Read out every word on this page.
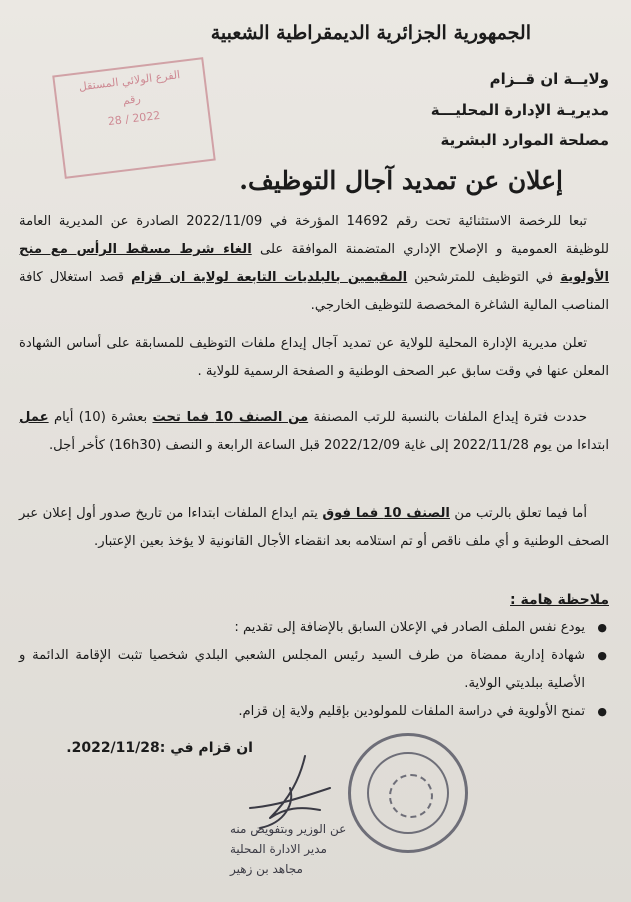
الجمهورية الجزائرية الديمقراطية الشعبية
ولايــة ان قــزام
مديريـة الإدارة المحليـــة
مصلحة الموارد البشرية
الفرع الولائي المستقل
رقم
2022 / 28
إعلان عن تمديد آجال التوظيف.

تبعا للرخصة الاستثنائية تحت رقم 14692 المؤرخة في 2022/11/09 الصادرة عن المديرية العامة للوظيفة العمومية و الإصلاح الإداري المتضمنة الموافقة على الغاء شرط مسقط الرأس مع منح الأولوية في التوظيف للمترشحين المقيمين بالبلديات التابعة لولاية ان قزام قصد استغلال كافة المناصب المالية الشاغرة المخصصة للتوظيف الخارجي.

تعلن مديرية الإدارة المحلية للولاية عن تمديد آجال إيداع ملفات التوظيف للمسابقة على أساس الشهادة المعلن عنها في وقت سابق عبر الصحف الوطنية و الصفحة الرسمية للولاية .

حددت فترة إيداع الملفات بالنسبة للرتب المصنفة من الصنف 10 فما تحت بعشرة (10) أيام عمل ابتداءا من يوم 2022/11/28 إلى غاية 2022/12/09 قبل الساعة الرابعة و النصف (16h30) كأخر أجل.

أما فيما تعلق بالرتب من الصنف 10 فما فوق يتم ايداع الملفات ابتداءا من تاريخ صدور أول إعلان عبر الصحف الوطنية و أي ملف ناقص أو تم استلامه بعد انقضاء الأجال القانونية لا يؤخذ بعين الإعتبار.

ملاحظة هامة :
● يودع نفس الملف الصادر في الإعلان السابق بالإضافة إلى تقديم :
● شهادة إدارية ممضاة من طرف السيد رئيس المجلس الشعبي البلدي شخصيا تثبت الإقامة الدائمة و الأصلية ببلديتي الولاية.
● تمنح الأولوية في دراسة الملفات للمولودين بإقليم ولاية إن قزام.
ان قزام في :2022/11/28.
عن الوزير وبتفويض منه
مدير الادارة المحلية
مجاهد بن زهير
